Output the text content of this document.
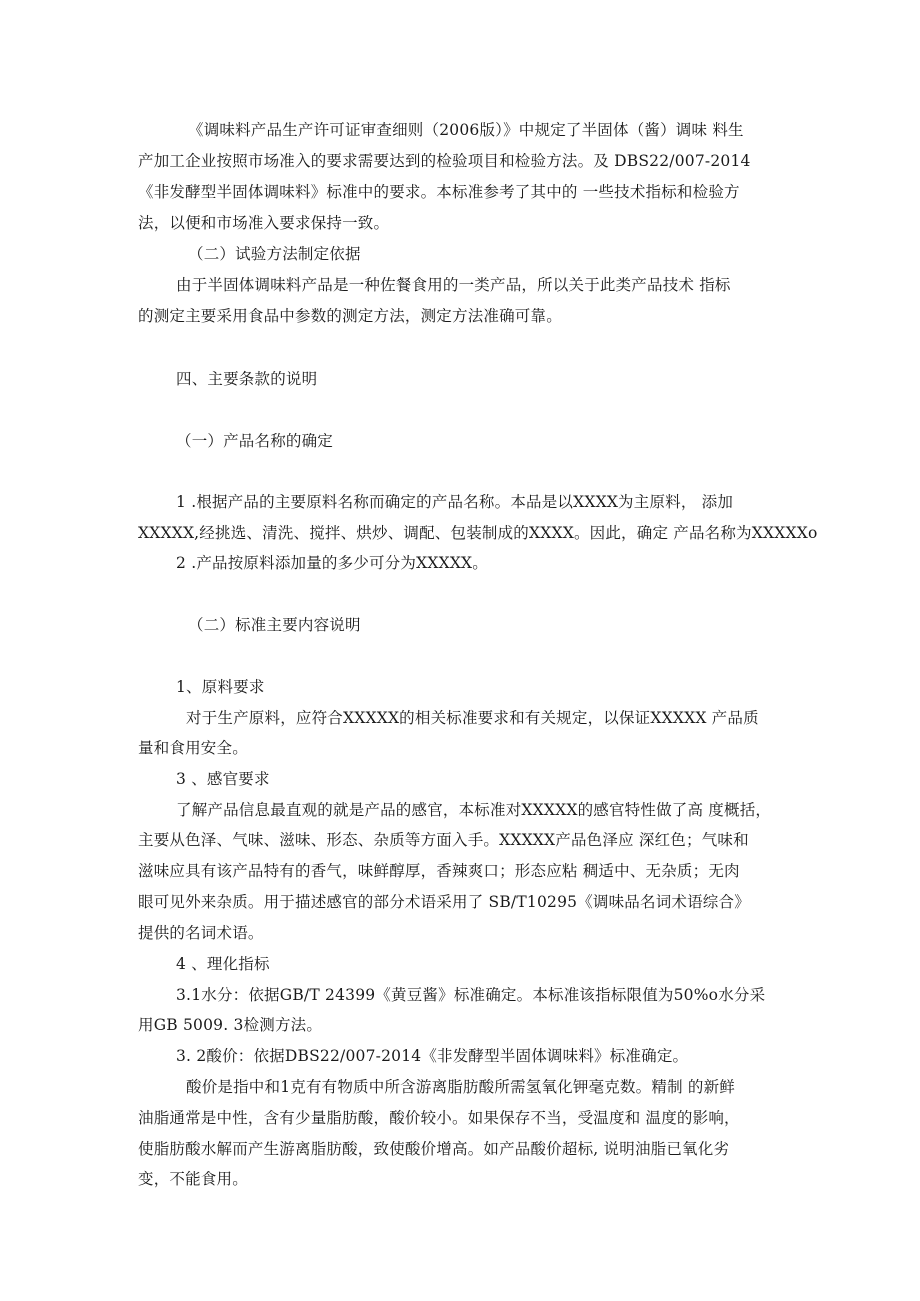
《调味料产品生产许可证审查细则（2006版）》中规定了半固体（酱）调味 料生
产加工企业按照市场准入的要求需要达到的检验项目和检验方法。及 DBS22/007-2014
《非发酵型半固体调味料》标准中的要求。本标准参考了其中的 一些技术指标和检验方
法，以便和市场准入要求保持一致。
（二）试验方法制定依据
由于半固体调味料产品是一种佐餐食用的一类产品，所以关于此类产品技术 指标
的测定主要采用食品中参数的测定方法，测定方法准确可靠。
四、主要条款的说明
（一）产品名称的确定
1 .根据产品的主要原料名称而确定的产品名称。本品是以XXXX为主原料， 添加
XXXXX,经挑选、清洗、搅拌、烘炒、调配、包装制成的XXXX。因此，确定 产品名称为XXXXXo
2 .产品按原料添加量的多少可分为XXXXX。
（二）标准主要内容说明
1、原料要求
对于生产原料，应符合XXXXX的相关标准要求和有关规定，以保证XXXXX 产品质
量和食用安全。
3 、感官要求
了解产品信息最直观的就是产品的感官，本标准对XXXXX的感官特性做了高 度概括，
主要从色泽、气味、滋味、形态、杂质等方面入手。XXXXX产品色泽应 深红色；气味和
滋味应具有该产品特有的香气，味鲜醇厚，香辣爽口；形态应粘 稠适中、无杂质；无肉
眼可见外来杂质。用于描述感官的部分术语采用了 SB/T10295《调味品名词术语综合》
提供的名词术语。
4 、理化指标
3.1水分：依据GB/T 24399《黄豆酱》标准确定。本标准该指标限值为50%o水分采
用GB 5009. 3检测方法。
3. 2酸价：依据DBS22/007-2014《非发酵型半固体调味料》标准确定。
酸价是指中和1克有有物质中所含游离脂肪酸所需氢氧化钾毫克数。精制 的新鲜
油脂通常是中性，含有少量脂肪酸，酸价较小。如果保存不当，受温度和 温度的影响，
使脂肪酸水解而产生游离脂肪酸，致使酸价增高。如产品酸价超标, 说明油脂已氧化劣
变，不能食用。
